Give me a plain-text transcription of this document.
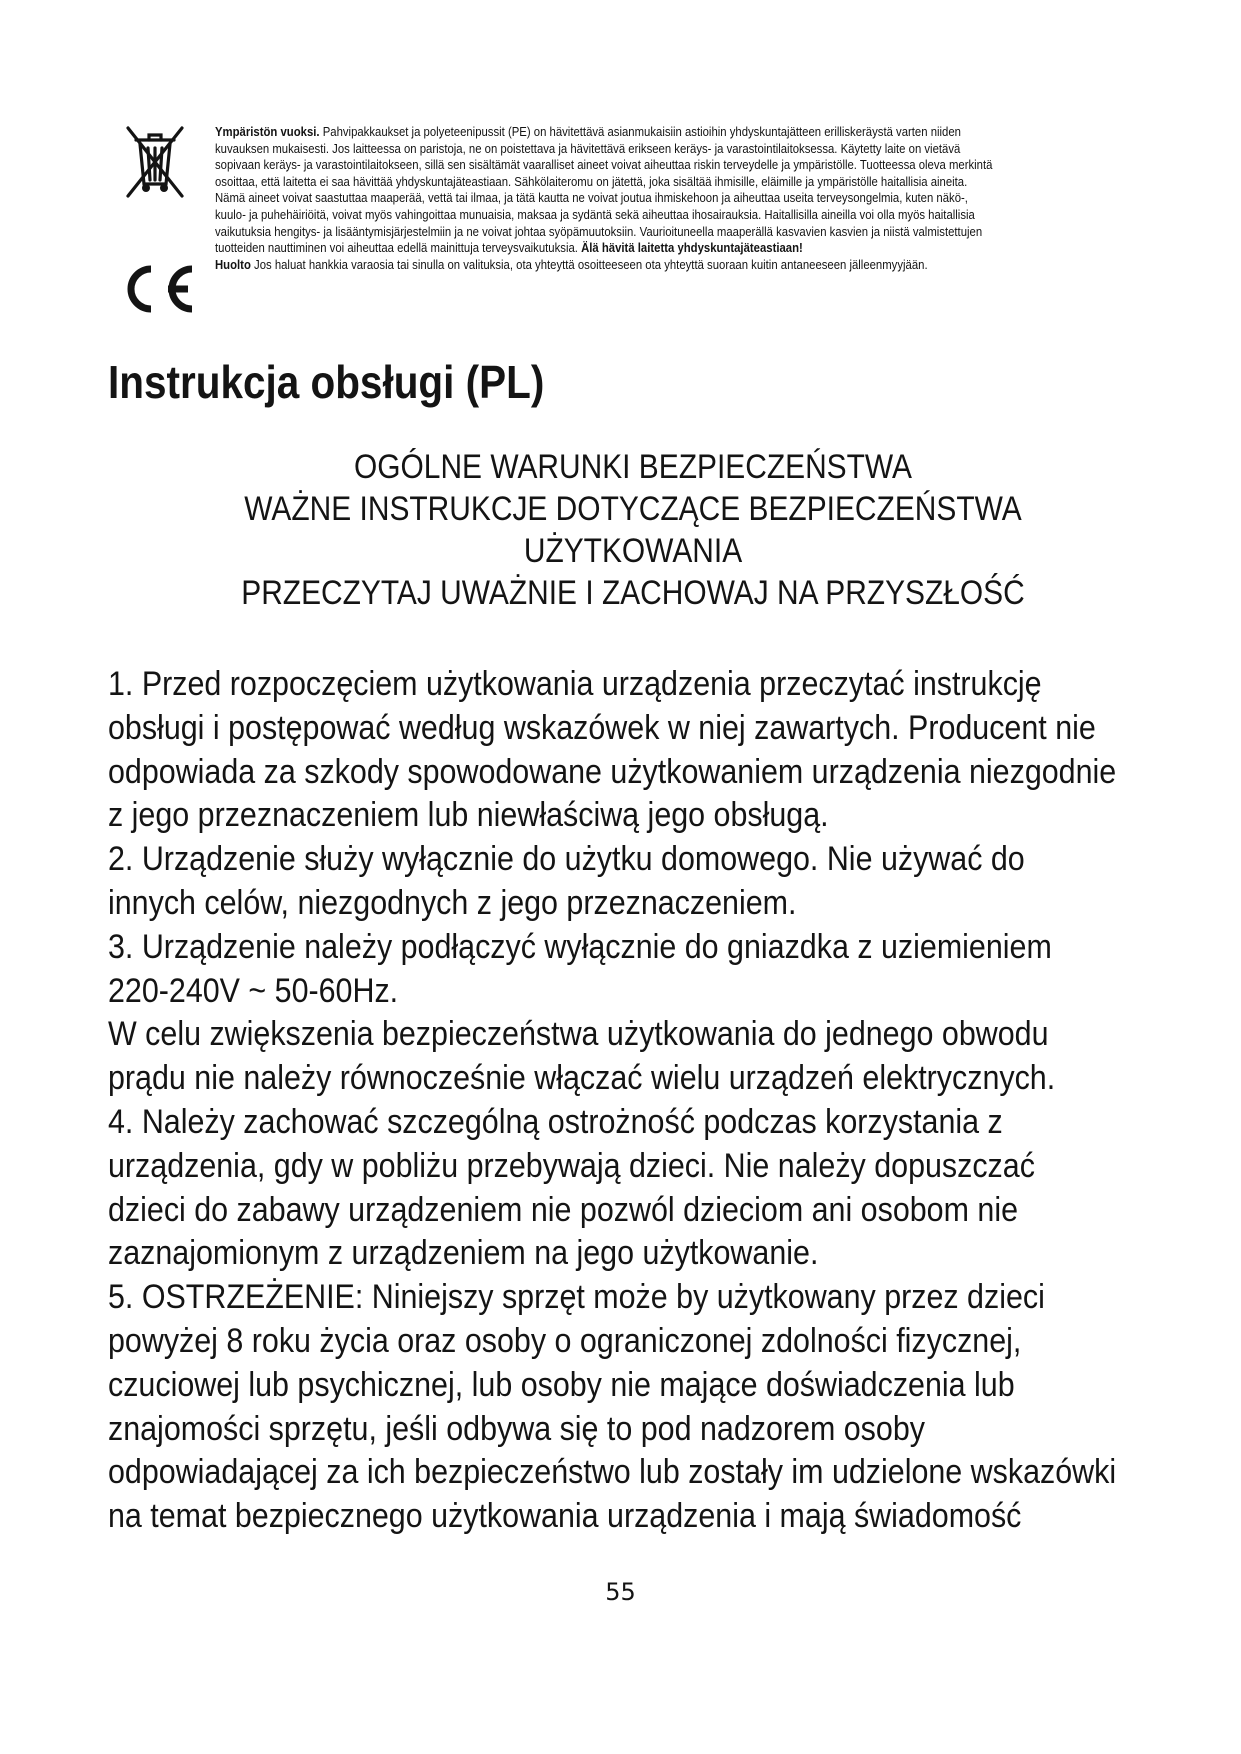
Ympäristön vuoksi. Pahvipakkaukset ja polyeteenipussit (PE) on hävitettävä asianmukaisiin astioihin yhdyskuntajätteen erilliskeräystä varten niiden

kuvauksen mukaisesti. Jos laitteessa on paristoja, ne on poistettava ja hävitettävä erikseen keräys- ja varastointilaitoksessa. Käytetty laite on vietävä

sopivaan keräys- ja varastointilaitokseen, sillä sen sisältämät vaaralliset aineet voivat aiheuttaa riskin terveydelle ja ympäristölle. Tuotteessa oleva merkintä

osoittaa, että laitetta ei saa hävittää yhdyskuntajäteastiaan. Sähkölaiteromu on jätettä, joka sisältää ihmisille, eläimille ja ympäristölle haitallisia aineita.

Nämä aineet voivat saastuttaa maaperää, vettä tai ilmaa, ja tätä kautta ne voivat joutua ihmiskehoon ja aiheuttaa useita terveysongelmia, kuten näkö-,

kuulo- ja puhehäiriöitä, voivat myös vahingoittaa munuaisia, maksaa ja sydäntä sekä aiheuttaa ihosairauksia. Haitallisilla aineilla voi olla myös haitallisia

vaikutuksia hengitys- ja lisääntymisjärjestelmiin ja ne voivat johtaa syöpämuutoksiin. Vaurioituneella maaperällä kasvavien kasvien ja niistä valmistettujen

tuotteiden nauttiminen voi aiheuttaa edellä mainittuja terveysvaikutuksia. Älä hävitä laitetta yhdyskuntajäteastiaan!

Huolto Jos haluat hankkia varaosia tai sinulla on valituksia, ota yhteyttä osoitteeseen ota yhteyttä suoraan kuitin antaneeseen jälleenmyyjään.

Instrukcja obsługi (PL)
OGÓLNE WARUNKI BEZPIECZEŃSTWA
WAŻNE INSTRUKCJE DOTYCZĄCE BEZPIECZEŃSTWA
UŻYTKOWANIA
PRZECZYTAJ UWAŻNIE I ZACHOWAJ NA PRZYSZŁOŚĆ

1. Przed rozpoczęciem użytkowania urządzenia przeczytać instrukcję

obsługi i postępować według wskazówek w niej zawartych. Producent nie

odpowiada za szkody spowodowane użytkowaniem urządzenia niezgodnie

z jego przeznaczeniem lub niewłaściwą jego obsługą.

2. Urządzenie służy wyłącznie do użytku domowego. Nie używać do

innych celów, niezgodnych z jego przeznaczeniem.

3. Urządzenie należy podłączyć wyłącznie do gniazdka z uziemieniem

220-240V ~ 50-60Hz.

W celu zwiększenia bezpieczeństwa użytkowania do jednego obwodu

prądu nie należy równocześnie włączać wielu urządzeń elektrycznych.

4. Należy zachować szczególną ostrożność podczas korzystania z

urządzenia, gdy w pobliżu przebywają dzieci. Nie należy dopuszczać

dzieci do zabawy urządzeniem nie pozwól dzieciom ani osobom nie

zaznajomionym z urządzeniem na jego użytkowanie.

5. OSTRZEŻENIE: Niniejszy sprzęt może by użytkowany przez dzieci

powyżej 8 roku życia oraz osoby o ograniczonej zdolności fizycznej,

czuciowej lub psychicznej, lub osoby nie mające doświadczenia lub

znajomości sprzętu, jeśli odbywa się to pod nadzorem osoby

odpowiadającej za ich bezpieczeństwo lub zostały im udzielone wskazówki

na temat bezpiecznego użytkowania urządzenia i mają świadomość

55
